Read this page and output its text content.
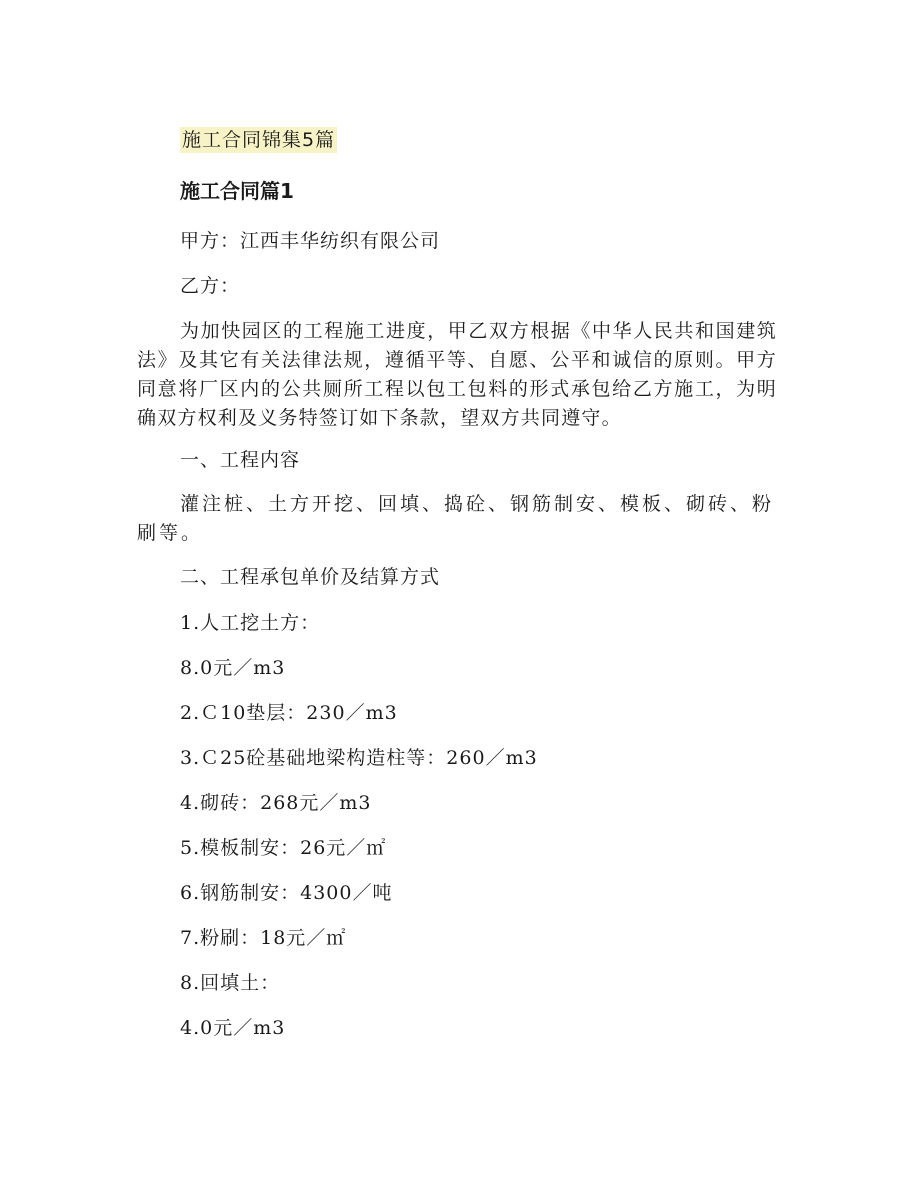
施工合同锦集5篇
施工合同篇1
甲方：江西丰华纺织有限公司
乙方：
为加快园区的工程施工进度，甲乙双方根据《中华人民共和国建筑法》及其它有关法律法规，遵循平等、自愿、公平和诚信的原则。甲方同意将厂区内的公共厕所工程以包工包料的形式承包给乙方施工，为明确双方权利及义务特签订如下条款，望双方共同遵守。
一、工程内容
灌注桩、土方开挖、回填、捣砼、钢筋制安、模板、砌砖、粉刷等。
二、工程承包单价及结算方式
1.人工挖土方：
8.0元／m3
2.Ｃ10垫层：230／m3
3.Ｃ25砼基础地梁构造柱等：260／m3
4.砌砖：268元／m3
5.模板制安：26元／㎡
6.钢筋制安：4300／吨
7.粉刷：18元／㎡
8.回填土：
4.0元／m3
